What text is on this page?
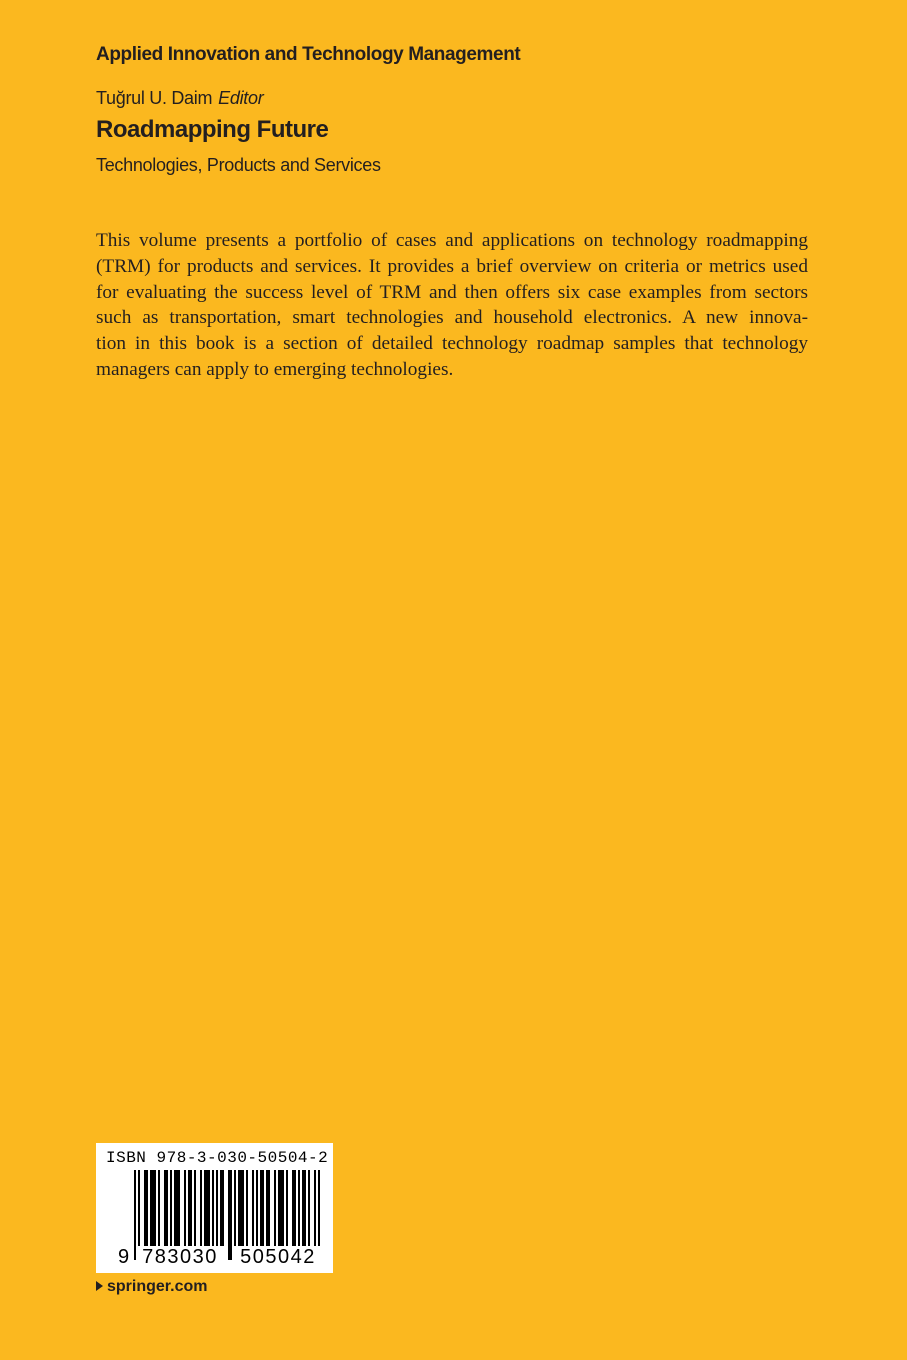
Applied Innovation and Technology Management
Tuğrul U. Daim Editor
Roadmapping Future
Technologies, Products and Services
This volume presents a portfolio of cases and applications on technology roadmapping
(TRM) for products and services. It provides a brief overview on criteria or metrics used
for evaluating the success level of TRM and then offers six case examples from sectors
such as transportation, smart technologies and household electronics. A new innova-
tion in this book is a section of detailed technology roadmap samples that technology
managers can apply to emerging technologies.
ISBN 978-3-030-50504-2
9 783030	505042
springer.com
